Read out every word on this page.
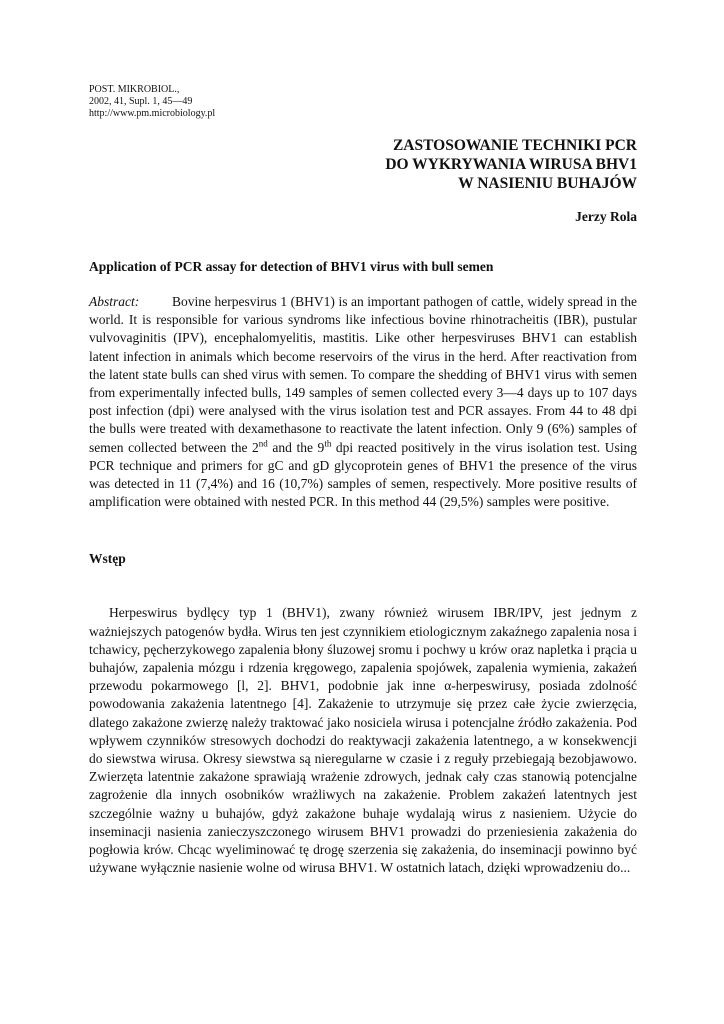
POST. MIKROBIOL.,
2002, 41, Supl. 1, 45—49
http://www.pm.microbiology.pl
ZASTOSOWANIE TECHNIKI PCR
DO WYKRYWANIA WIRUSA BHV1
W NASIENIU BUHAJÓW
Jerzy Rola
Application of PCR assay for detection of BHV1 virus with bull semen
Abstract: Bovine herpesvirus 1 (BHV1) is an important pathogen of cattle, widely spread in the world. It is responsible for various syndroms like infectious bovine rhinotracheitis (IBR), pustular vulvovaginitis (IPV), encephalomyelitis, mastitis. Like other herpesviruses BHV1 can establish latent infection in animals which become reservoirs of the virus in the herd. After reactivation from the latent state bulls can shed virus with semen. To compare the shedding of BHV1 virus with semen from experimentally infected bulls, 149 samples of semen collected every 3—4 days up to 107 days post infection (dpi) were analysed with the virus isolation test and PCR assayes. From 44 to 48 dpi the bulls were treated with dexamethasone to reactivate the latent infection. Only 9 (6%) samples of semen collected between the 2nd and the 9th dpi reacted positively in the virus isolation test. Using PCR technique and primers for gC and gD glycoprotein genes of BHV1 the presence of the virus was detected in 11 (7,4%) and 16 (10,7%) samples of semen, respectively. More positive results of amplification were obtained with nested PCR. In this method 44 (29,5%) samples were positive.
Wstęp
Herpeswirus bydlęcy typ 1 (BHV1), zwany również wirusem IBR/IPV, jest jednym z ważniejszych patogenów bydła. Wirus ten jest czynnikiem etiologicznym zakaźnego zapalenia nosa i tchawicy, pęcherzykowego zapalenia błony śluzowej sromu i pochwy u krów oraz napletka i prącia u buhajów, zapalenia mózgu i rdzenia kręgowego, zapalenia spojówek, zapalenia wymienia, zakażeń przewodu pokarmowego [l, 2]. BHV1, podobnie jak inne α-herpeswirusy, posiada zdolność powodowania zakażenia latentnego [4]. Zakażenie to utrzymuje się przez całe życie zwierzęcia, dlatego zakażone zwierzę należy traktować jako nosiciela wirusa i potencjalne źródło zakażenia. Pod wpływem czynników stresowych dochodzi do reaktywacji zakażenia latentnego, a w konsekwencji do siewstwa wirusa. Okresy siewstwa są nieregularne w czasie i z reguły przebiegają bezobjawowo. Zwierzęta latentnie zakażone sprawiają wrażenie zdrowych, jednak cały czas stanowią potencjalne zagrożenie dla innych osobników wrażliwych na zakażenie. Problem zakażeń latentnych jest szczególnie ważny u buhajów, gdyż zakażone buhaje wydalają wirus z nasieniem. Użycie do inseminacji nasienia zanieczyszczonego wirusem BHV1 prowadzi do przeniesienia zakażenia do pogłowia krów. Chcąc wyeliminować tę drogę szerzenia się zakażenia, do inseminacji powinno być używane wyłącznie nasienie wolne od wirusa BHV1. W ostatnich latach, dzięki wprowadzeniu do...
